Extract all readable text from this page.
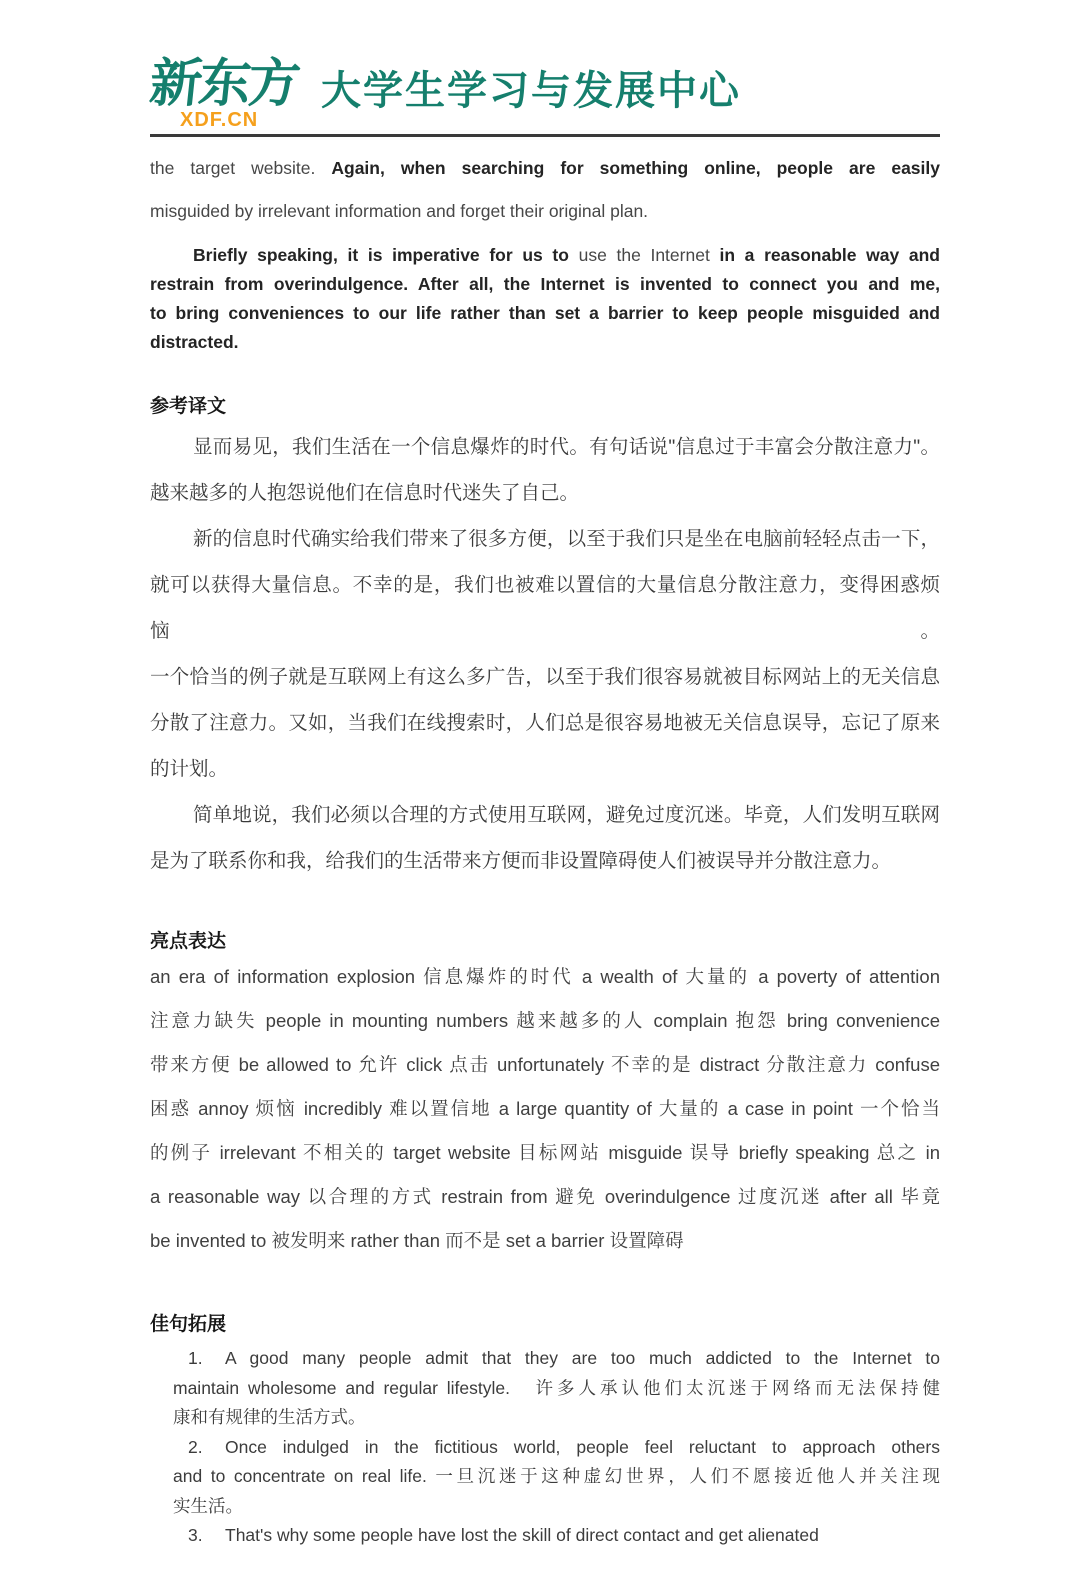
新东方
XDF.CN
大学生学习与发展中心
the target website. Again, when searching for something online, people are easily
misguided by irrelevant information and forget their original plan.
Briefly speaking, it is imperative for us to use the Internet in a reasonable way and
restrain from overindulgence. After all, the Internet is invented to connect you and me,
to bring conveniences to our life rather than set a barrier to keep people misguided and
distracted.
参考译文
显而易见，我们生活在一个信息爆炸的时代。有句话说"信息过于丰富会分散注意力"。
越来越多的人抱怨说他们在信息时代迷失了自己。
新的信息时代确实给我们带来了很多方便，以至于我们只是坐在电脑前轻轻点击一下，
就可以获得大量信息。不幸的是，我们也被难以置信的大量信息分散注意力，变得困惑烦恼。
一个恰当的例子就是互联网上有这么多广告，以至于我们很容易就被目标网站上的无关信息
分散了注意力。又如，当我们在线搜索时，人们总是很容易地被无关信息误导，忘记了原来
的计划。
简单地说，我们必须以合理的方式使用互联网，避免过度沉迷。毕竟，人们发明互联网
是为了联系你和我，给我们的生活带来方便而非设置障碍使人们被误导并分散注意力。
亮点表达
an era of information explosion 信息爆炸的时代 a wealth of 大量的 a poverty of attention
注意力缺失 people in mounting numbers 越来越多的人 complain 抱怨 bring convenience
带来方便 be allowed to 允许 click 点击 unfortunately 不幸的是 distract 分散注意力 confuse
困惑 annoy 烦恼 incredibly 难以置信地 a large quantity of 大量的 a case in point 一个恰当
的例子 irrelevant 不相关的 target website 目标网站 misguide 误导 briefly speaking 总之 in
a reasonable way 以合理的方式 restrain from 避免 overindulgence 过度沉迷 after all 毕竟
be invented to 被发明来 rather than 而不是 set a barrier 设置障碍
佳句拓展
1. A good many people admit that they are too much addicted to the Internet to
maintain wholesome and regular lifestyle.　许多人承认他们太沉迷于网络而无法保持健
康和有规律的生活方式。
2. Once indulged in the fictitious world, people feel reluctant to approach others
and to concentrate on real life. 一旦沉迷于这种虚幻世界，人们不愿接近他人并关注现
实生活。
3. That's why some people have lost the skill of direct contact and get alienated
